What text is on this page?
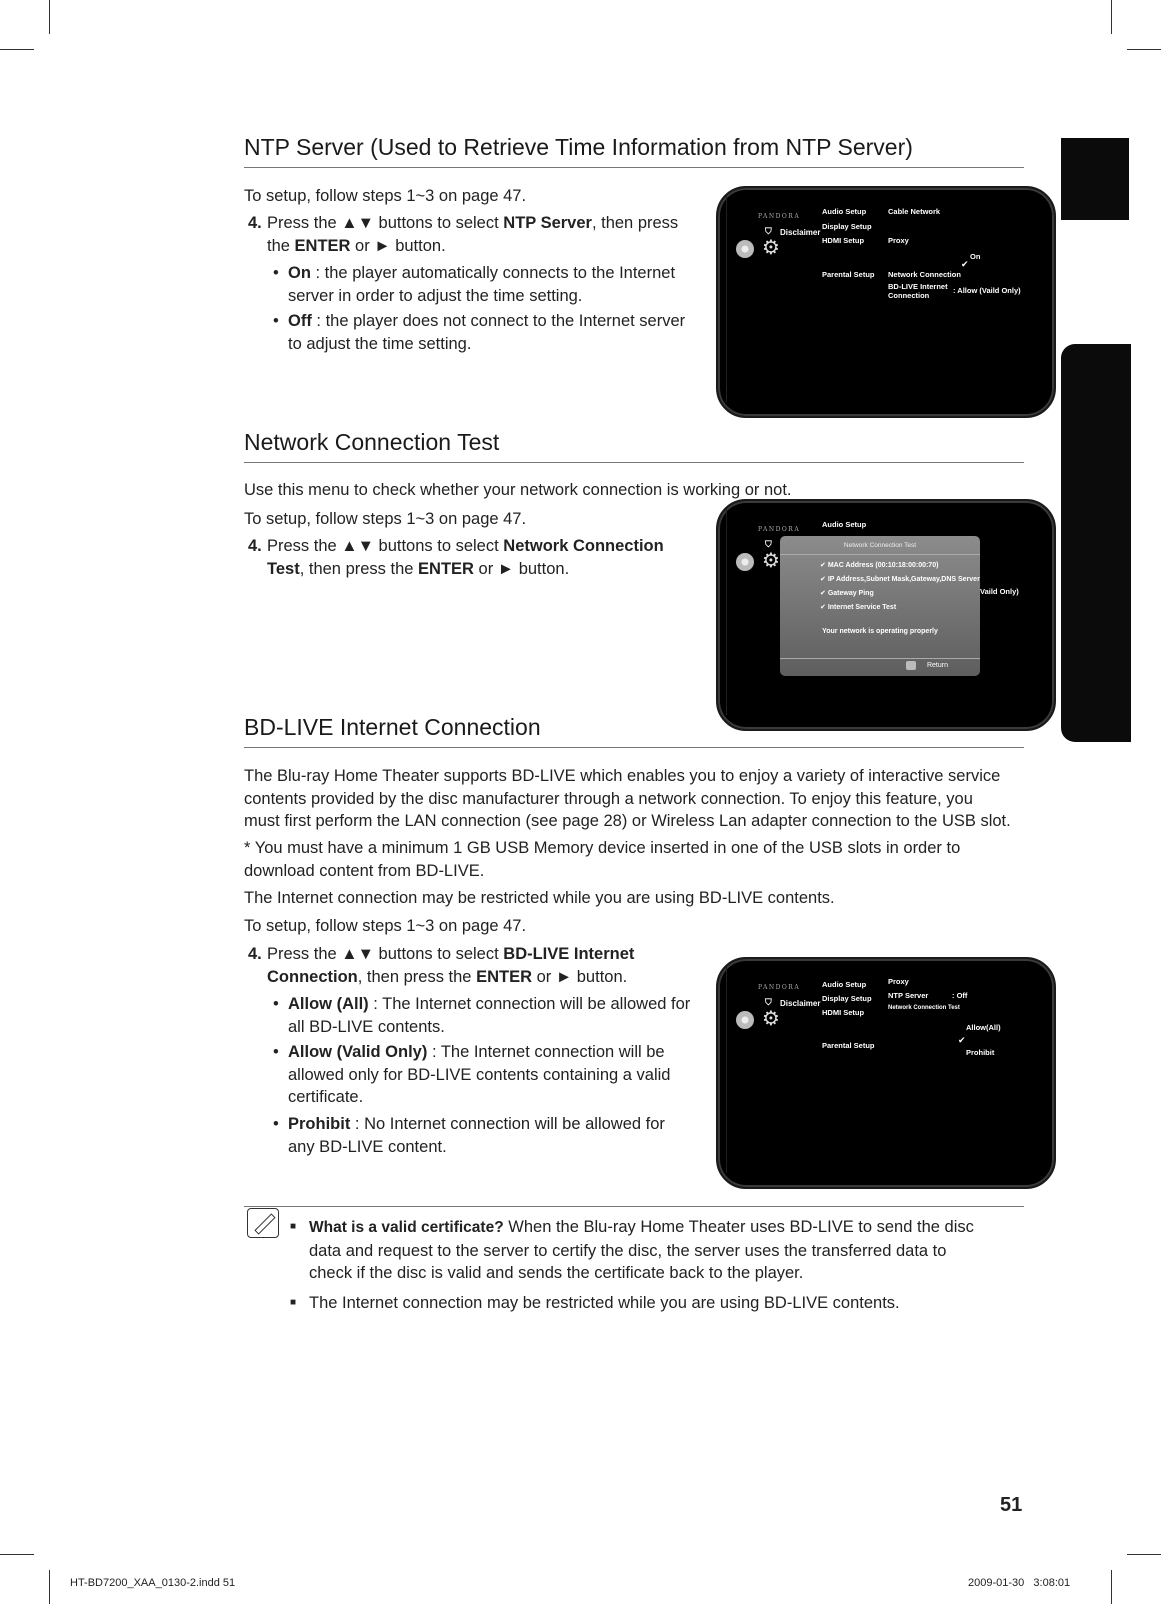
NTP Server (Used to Retrieve Time Information from NTP Server)
To setup, follow steps 1~3 on page 47.
4. Press the ▲▼ buttons to select NTP Server, then press
the ENTER or ► button.
• On : the player automatically connects to the Internet
server in order to adjust the time setting.
• Off : the player does not connect to the Internet server
to adjust the time setting.
PANDORA
⛉ Disclaimer
⚙
Audio Setup
Display Setup
HDMI Setup
Parental Setup
Cable Network
Proxy
On
✔
Network Connection
BD-LIVE Internet
Connection
: Allow (Vaild Only)
Network Connection Test
Use this menu to check whether your network connection is working or not.
To setup, follow steps 1~3 on page 47.
4. Press the ▲▼ buttons to select Network Connection
Test, then press the ENTER or ► button.
PANDORA
⛉
⚙
Audio Setup
Vaild Only)
Network Connection Test
✔ MAC Address (00:10:18:00:00:70)
✔ IP Address,Subnet Mask,Gateway,DNS Server
✔ Gateway Ping
✔ Internet Service Test
Your network is operating properly
Return
BD-LIVE Internet Connection
The Blu-ray Home Theater supports BD-LIVE which enables you to enjoy a variety of interactive service
contents provided by the disc manufacturer through a network connection. To enjoy this feature, you
must first perform the LAN connection (see page 28) or Wireless Lan adapter connection to the USB slot.
* You must have a minimum 1 GB USB Memory device inserted in one of the USB slots in order to
download content from BD-LIVE.
The Internet connection may be restricted while you are using BD-LIVE contents.
To setup, follow steps 1~3 on page 47.
4. Press the ▲▼ buttons to select BD-LIVE Internet
Connection, then press the ENTER or ► button.
• Allow (All) : The Internet connection will be allowed for
all BD-LIVE contents.
• Allow (Valid Only) : The Internet connection will be
allowed only for BD-LIVE contents containing a valid
certificate.
• Prohibit : No Internet connection will be allowed for
any BD-LIVE content.
PANDORA
⛉ Disclaimer
⚙
Audio Setup
Display Setup
HDMI Setup
Parental Setup
Proxy
NTP Server	: Off
Network Connection Test
Allow(All)
✔
Prohibit
■ What is a valid certificate? When the Blu-ray Home Theater uses BD-LIVE to send the disc
data and request to the server to certify the disc, the server uses the transferred data to
check if the disc is valid and sends the certificate back to the player.
■ The Internet connection may be restricted while you are using BD-LIVE contents.
51
HT-BD7200_XAA_0130-2.indd 51	2009-01-30   3:08:01
